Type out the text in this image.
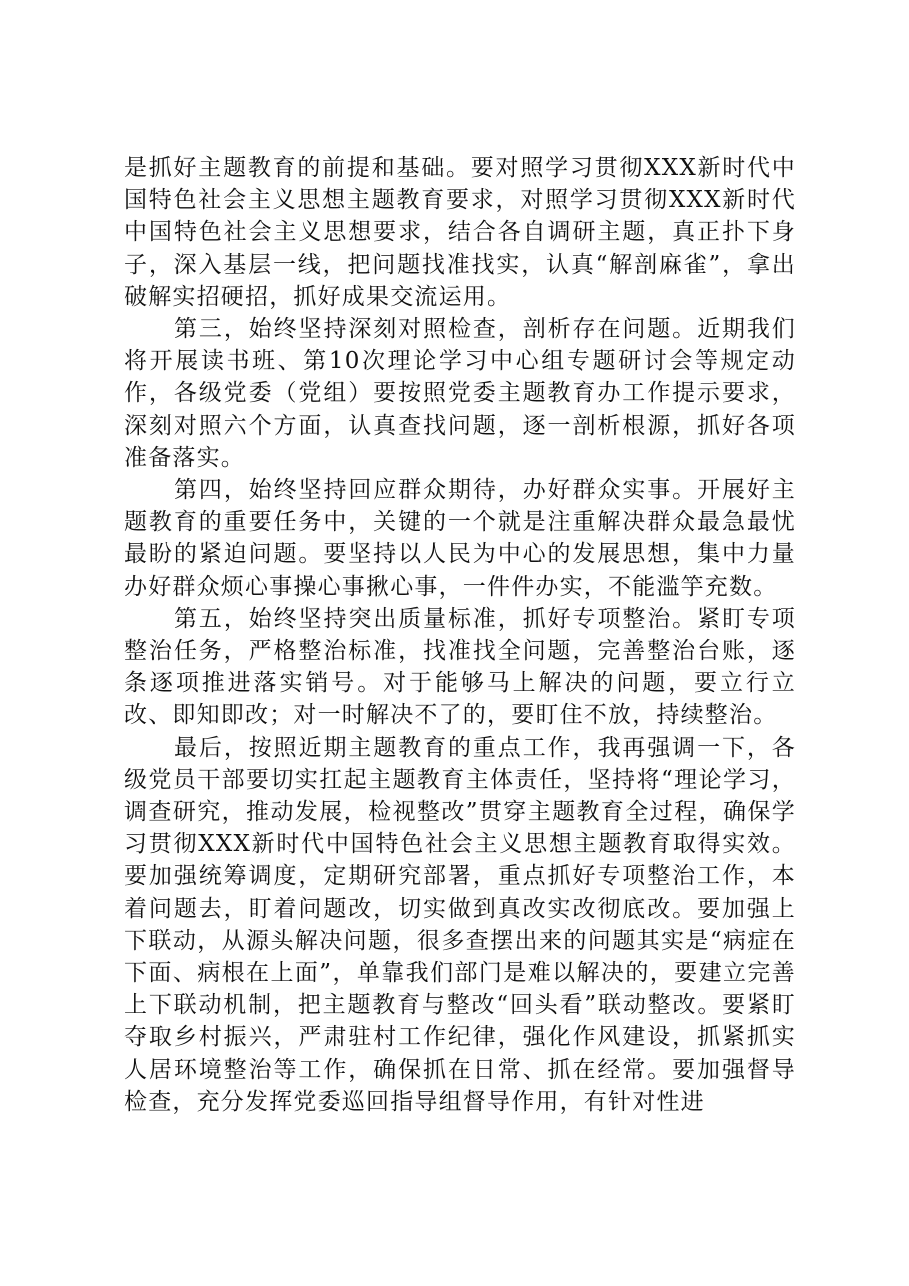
是抓好主题教育的前提和基础。要对照学习贯彻XXX新时代中国特色社会主义思想主题教育要求，对照学习贯彻XXX新时代中国特色社会主义思想要求，结合各自调研主题，真正扑下身子，深入基层一线，把问题找准找实，认真“解剖麻雀”，拿出破解实招硬招，抓好成果交流运用。

第三，始终坚持深刻对照检查，剖析存在问题。近期我们将开展读书班、第10次理论学习中心组专题研讨会等规定动作，各级党委（党组）要按照党委主题教育办工作提示要求，深刻对照六个方面，认真查找问题，逐一剖析根源，抓好各项准备落实。

第四，始终坚持回应群众期待，办好群众实事。开展好主题教育的重要任务中，关键的一个就是注重解决群众最急最忧最盼的紧迫问题。要坚持以人民为中心的发展思想，集中力量办好群众烦心事操心事揪心事，一件件办实，不能滥竽充数。

第五，始终坚持突出质量标准，抓好专项整治。紧盯专项整治任务，严格整治标准，找准找全问题，完善整治台账，逐条逐项推进落实销号。对于能够马上解决的问题，要立行立改、即知即改；对一时解决不了的，要盯住不放，持续整治。

最后，按照近期主题教育的重点工作，我再强调一下，各级党员干部要切实扛起主题教育主体责任，坚持将“理论学习，调查研究，推动发展，检视整改”贯穿主题教育全过程，确保学习贯彻XXX新时代中国特色社会主义思想主题教育取得实效。要加强统筹调度，定期研究部署，重点抓好专项整治工作，本着问题去，盯着问题改，切实做到真改实改彻底改。要加强上下联动，从源头解决问题，很多查摆出来的问题其实是“病症在下面、病根在上面”，单靠我们部门是难以解决的，要建立完善上下联动机制，把主题教育与整改“回头看”联动整改。要紧盯夺取乡村振兴，严肃驻村工作纪律，强化作风建设，抓紧抓实人居环境整治等工作，确保抓在日常、抓在经常。要加强督导检查，充分发挥党委巡回指导组督导作用，有针对性进
